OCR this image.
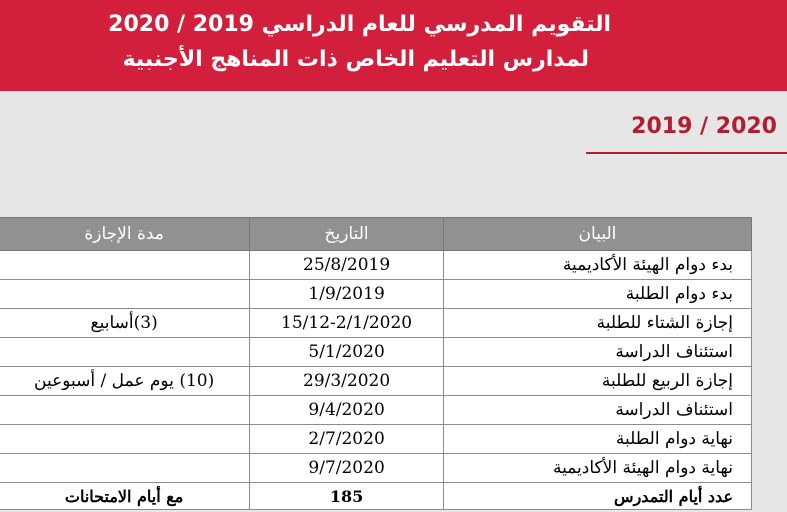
التقويم المدرسي للعام الدراسي 2019 / 2020
لمدارس التعليم الخاص ذات المناهج الأجنبية
2019 / 2020
البيان	التاريخ	مدة الإجازة
بدء دوام الهيئة الأكاديمية	25/8/2019	
بدء دوام الطلبة	1/9/2019	
إجازة الشتاء للطلبة	15/12-2/1/2020	(3)أسابيع
استئناف الدراسة	5/1/2020	
إجازة الربيع للطلبة	29/3/2020	(10) يوم عمل / أسبوعين
استئناف الدراسة	9/4/2020	
نهاية دوام الطلبة	2/7/2020	
نهاية دوام الهيئة الأكاديمية	9/7/2020	
عدد أيام التمدرس	185	مع أيام الامتحانات
